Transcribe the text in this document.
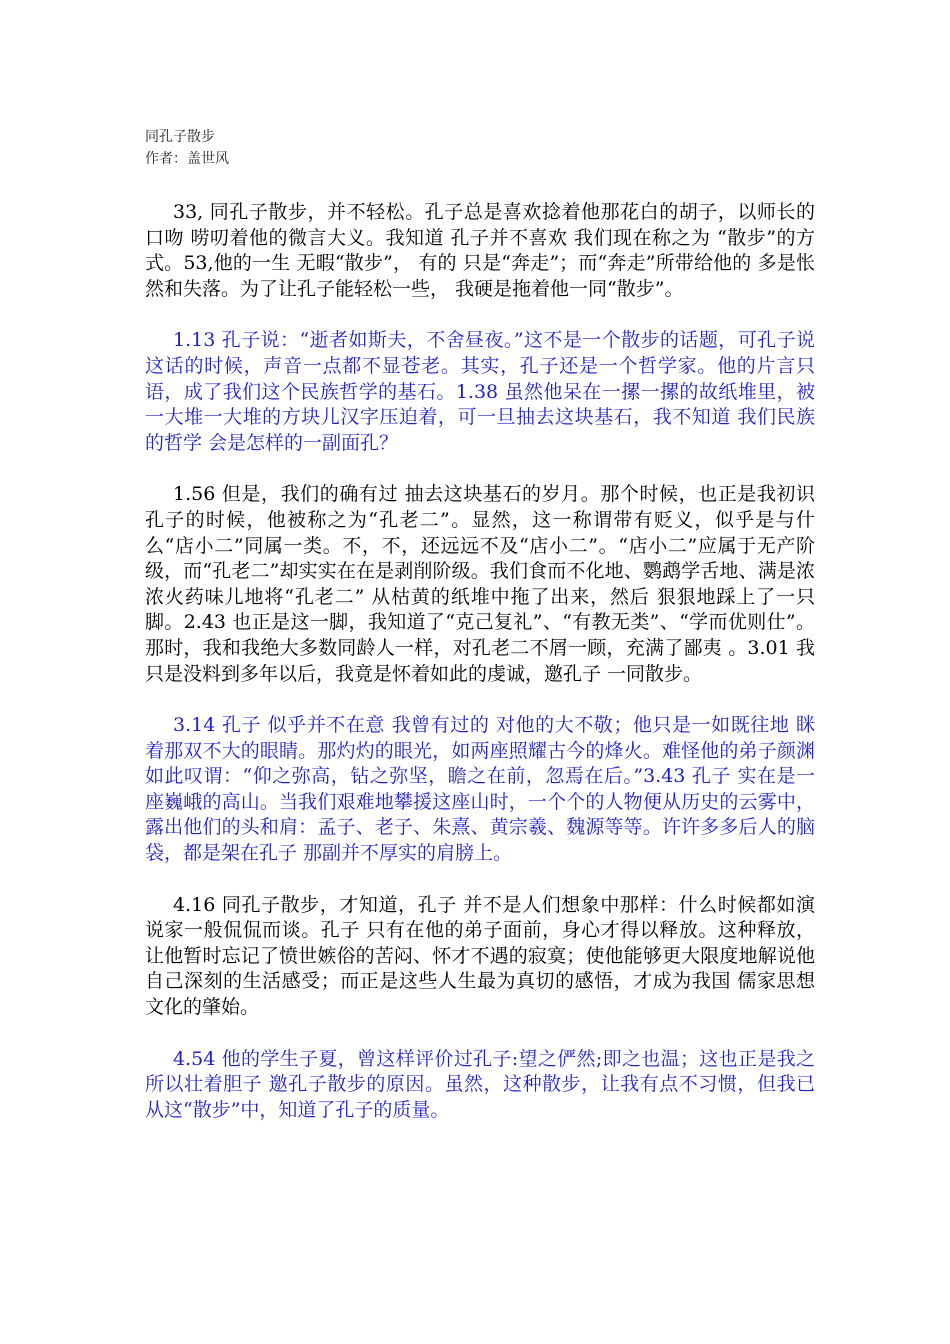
同孔子散步

作者：盖世风

33, 同孔子散步，并不轻松。孔子总是喜欢捻着他那花白的胡子，以师长的口吻 唠叨着他的微言大义。我知道 孔子并不喜欢 我们现在称之为 “散步”的方式。53,他的一生 无暇“散步”， 有的 只是“奔走”；而“奔走”所带给他的 多是怅然和失落。为了让孔子能轻松一些， 我硬是拖着他一同“散步”。

1.13 孔子说：“逝者如斯夫，不舍昼夜。”这不是一个散步的话题，可孔子说这话的时候，声音一点都不显苍老。其实，孔子还是一个哲学家。他的片言只语，成了我们这个民族哲学的基石。1.38 虽然他呆在一摞一摞的故纸堆里，被一大堆一大堆的方块儿汉字压迫着，可一旦抽去这块基石，我不知道 我们民族的哲学 会是怎样的一副面孔？

1.56 但是，我们的确有过 抽去这块基石的岁月。那个时候，也正是我初识孔子的时候，他被称之为“孔老二”。显然，这一称谓带有贬义，似乎是与什么“店小二”同属一类。不，不，还远远不及“店小二”。“店小二”应属于无产阶级，而“孔老二”却实实在在是剥削阶级。我们食而不化地、鹦鹉学舌地、满是浓浓火药味儿地将“孔老二” 从枯黄的纸堆中拖了出来，然后 狠狠地踩上了一只脚。2.43 也正是这一脚，我知道了“克己复礼”、“有教无类”、“学而优则仕”。那时，我和我绝大多数同龄人一样，对孔老二不屑一顾，充满了鄙夷 。3.01 我只是没料到多年以后，我竟是怀着如此的虔诚，邀孔子 一同散步。

3.14 孔子 似乎并不在意 我曾有过的 对他的大不敬；他只是一如既往地 眯着那双不大的眼睛。那灼灼的眼光，如两座照耀古今的烽火。难怪他的弟子颜渊如此叹谓：“仰之弥高，钻之弥坚，瞻之在前，忽焉在后。”3.43 孔子 实在是一座巍峨的高山。当我们艰难地攀援这座山时，一个个的人物便从历史的云雾中，露出他们的头和肩：孟子、老子、朱熹、黄宗羲、魏源等等。许许多多后人的脑袋，都是架在孔子 那副并不厚实的肩膀上。

4.16 同孔子散步，才知道，孔子 并不是人们想象中那样：什么时候都如演说家一般侃侃而谈。孔子 只有在他的弟子面前，身心才得以释放。这种释放，让他暂时忘记了愤世嫉俗的苦闷、怀才不遇的寂寞；使他能够更大限度地解说他自己深刻的生活感受；而正是这些人生最为真切的感悟，才成为我国 儒家思想文化的肇始。

4.54 他的学生子夏，曾这样评价过孔子:望之俨然;即之也温；这也正是我之所以壮着胆子 邀孔子散步的原因。虽然，这种散步，让我有点不习惯，但我已从这“散步”中，知道了孔子的质量。
